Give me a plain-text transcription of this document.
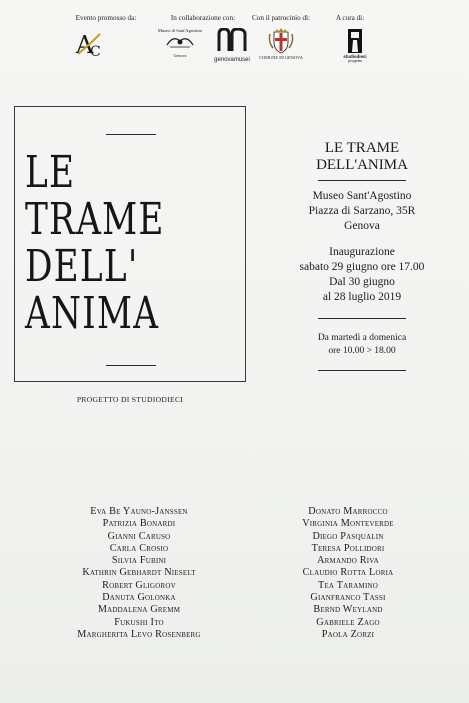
Evento promosso da:
A
C
In collaborazione con:
Museo di Sant'Agostino
Genova
genovamusei
Con il patrocinio di:
COMUNE DI GENOVA
A cura di:
studiodieci
progetto
LE
TRAME
DELL'
ANIMA
PROGETTO DI STUDIODIECI
LE TRAME
DELL'ANIMA
Museo Sant'Agostino
Piazza di Sarzano, 35R
Genova
Inaugurazione
sabato 29 giugno ore 17.00
Dal 30 giugno
al 28 luglio 2019
Da martedì a domenica
ore 10.00 > 18.00
Eva Be Yauno-Janssen
Patrizia Bonardi
Gianni Caruso
Carla Crosio
Silvia Fubini
Kathrin Gebhardt Nieselt
Robert Gligorov
Danuta Golonka
Maddalena Gremm
Fukushi Ito
Margherita Levo Rosenberg
Donato Marrocco
Virginia Monteverde
Diego Pasqualin
Teresa Pollidori
Armando Riva
Claudio Rotta Loria
Tea Taramino
Gianfranco Tassi
Bernd Weyland
Gabriele Zago
Paola Zorzi
